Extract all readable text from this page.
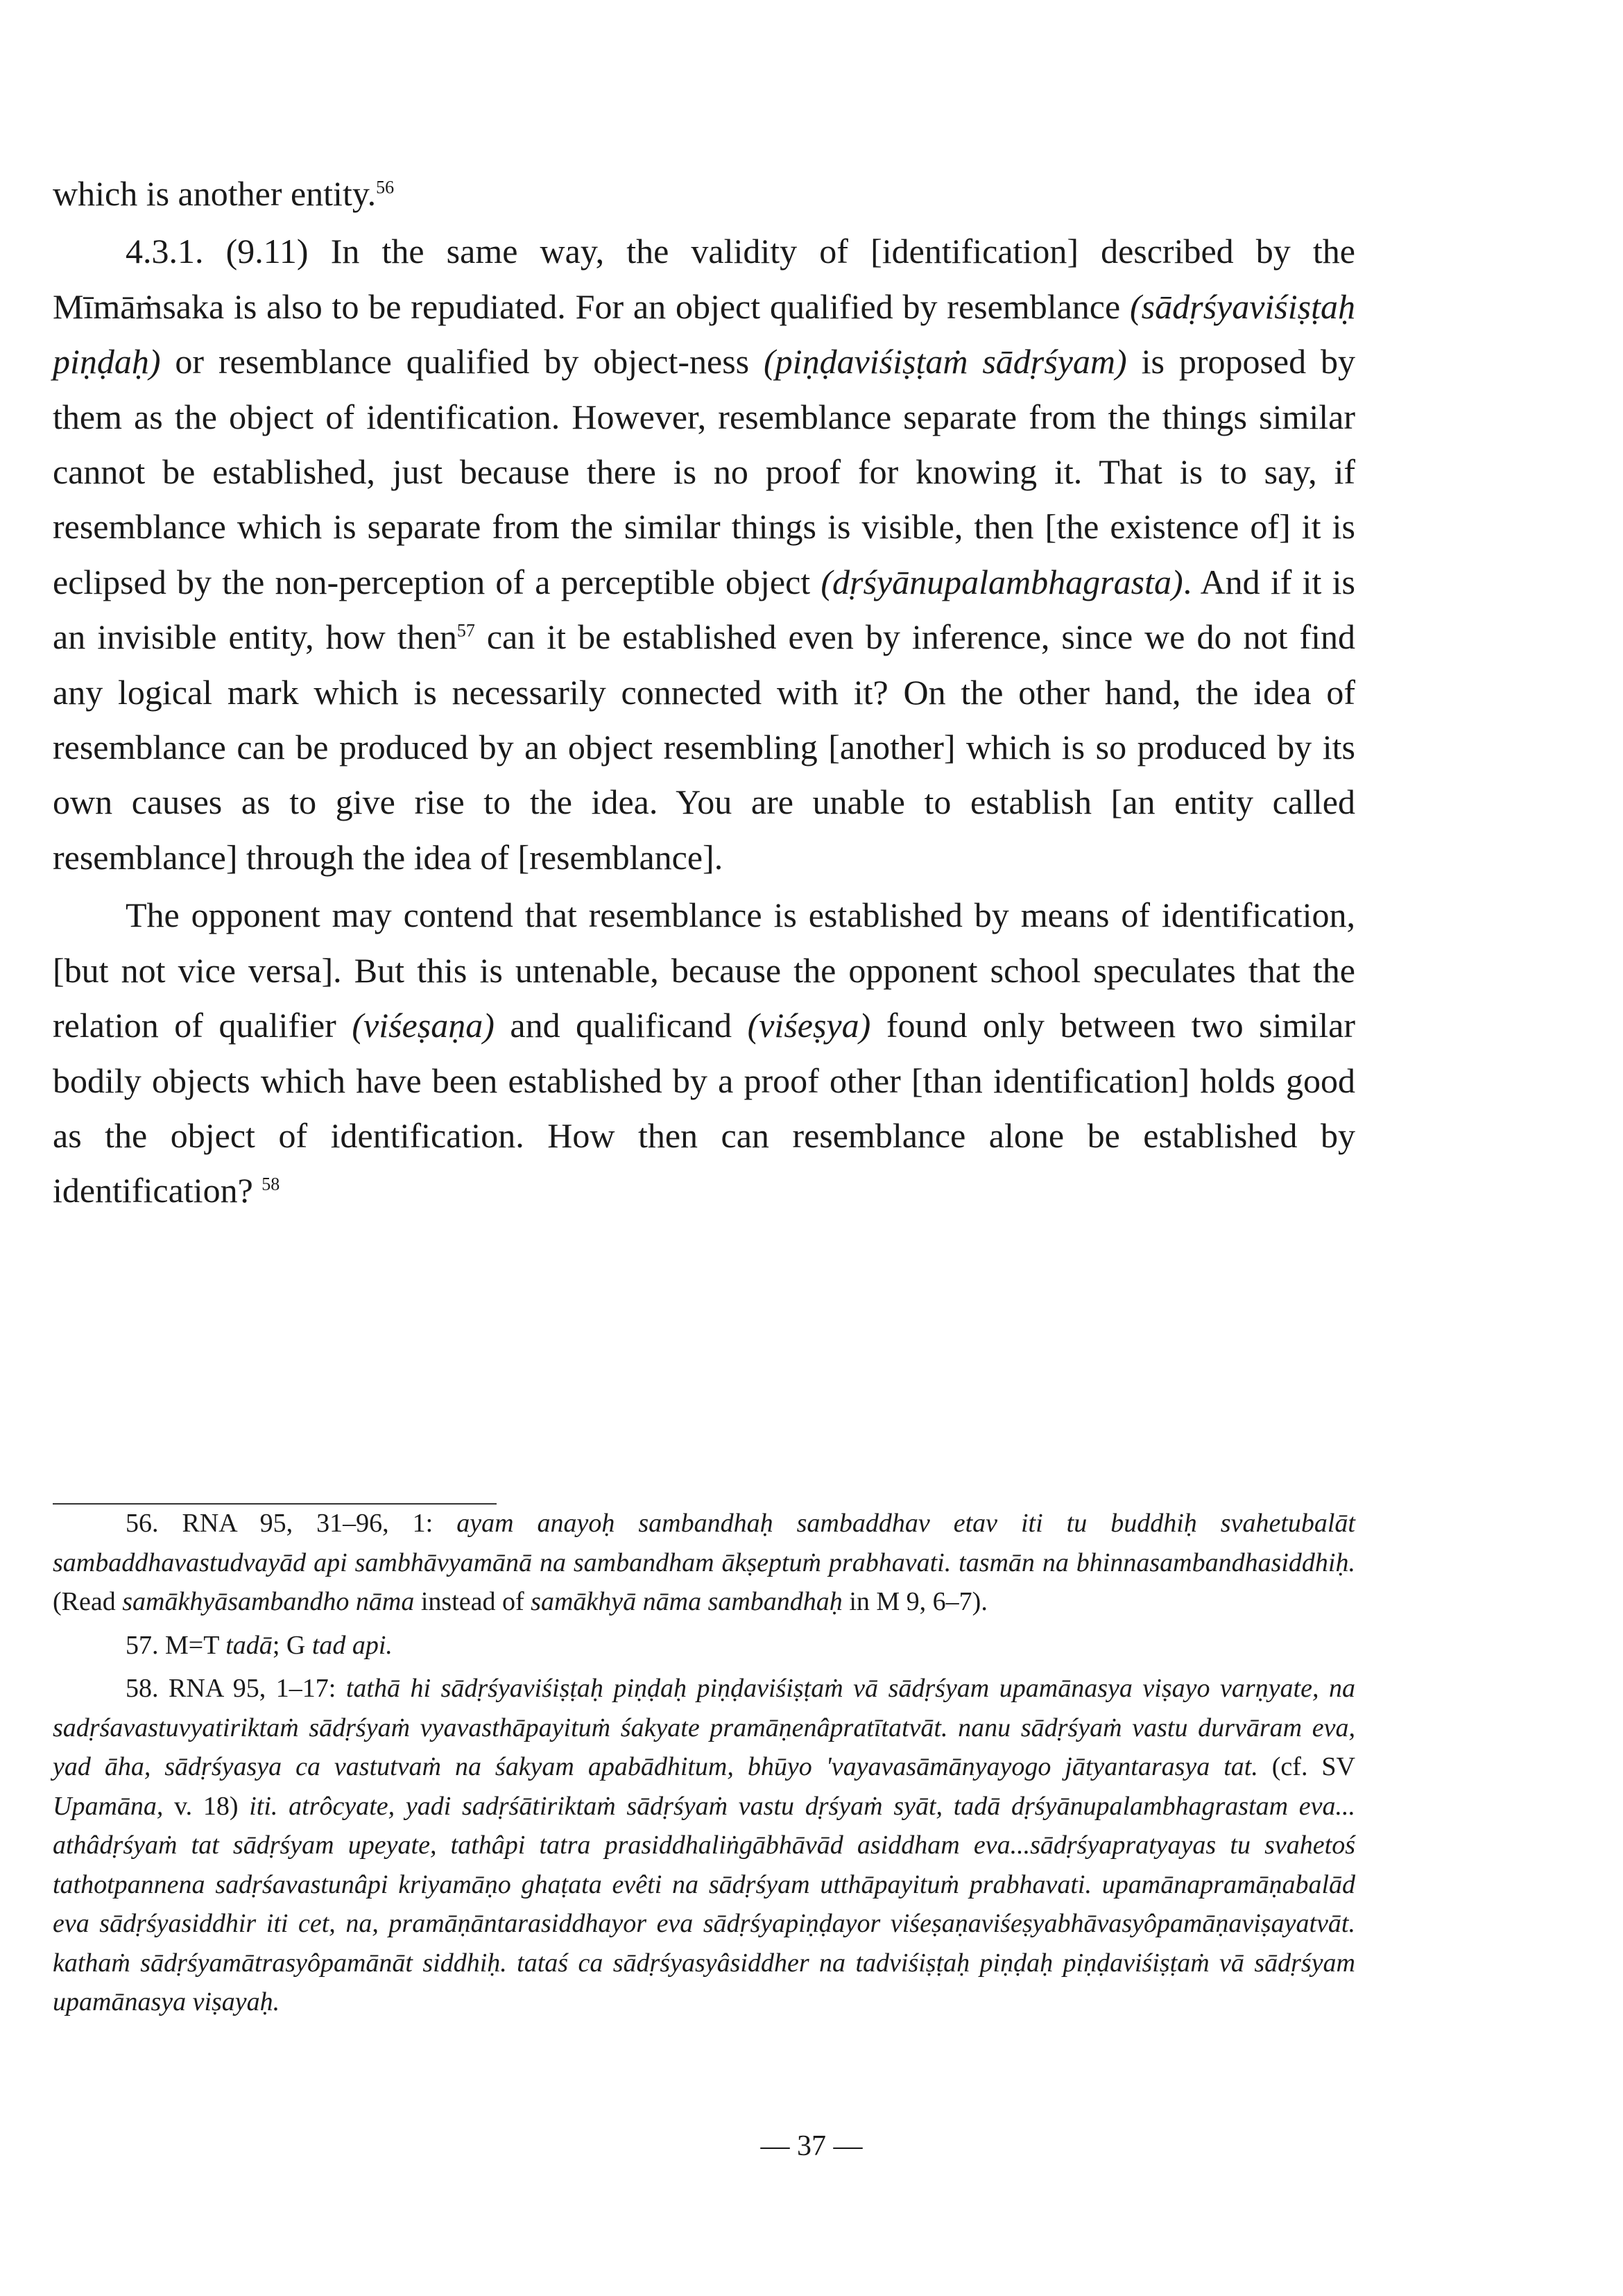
which is another entity.$^{56}$

4.3.1. (9.11) In the same way, the validity of [identification] described by the Mīmāṁsaka is also to be repudiated. For an object qualified by resemblance (sādṛśyaviśiṣṭaḥ piṇḍaḥ) or resemblance qualified by object-ness (piṇḍaviśiṣṭaṁ sādṛśyam) is proposed by them as the object of identification. However, resemblance separate from the things similar cannot be established, just because there is no proof for knowing it. That is to say, if resemblance which is separate from the similar things is visible, then [the existence of] it is eclipsed by the non-perception of a perceptible object (dṛśyānupalambhagrasta). And if it is an invisible entity, how then$^{57}$ can it be established even by inference, since we do not find any logical mark which is necessarily connected with it? On the other hand, the idea of resemblance can be produced by an object resembling [another] which is so produced by its own causes as to give rise to the idea. You are unable to establish [an entity called resemblance] through the idea of [resemblance].

The opponent may contend that resemblance is established by means of identification, [but not vice versa]. But this is untenable, because the opponent school speculates that the relation of qualifier (viśeṣaṇa) and qualificand (viśeṣya) found only between two similar bodily objects which have been established by a proof other [than identification] holds good as the object of identification. How then can resemblance alone be established by identification? $^{58}$

56. RNA 95, 31–96, 1: ayam anayoḥ sambandhaḥ sambaddhav etav iti tu buddhiḥ svahetubalāt sambaddhavastudvayād api sambhāvyamānā na sambandham ākṣeptuṁ prabhavati. tasmān na bhinnasambandhasiddhiḥ. (Read samākhyāsambandho nāma instead of samākhyā nāma sambandhaḥ in M 9, 6–7).

57. M=T tadā; G tad api.

58. RNA 95, 1–17: tathā hi sādṛśyaviśiṣṭaḥ piṇḍaḥ piṇḍaviśiṣṭaṁ vā sādṛśyam upamānasya viṣayo varṇyate, na sadṛśavastuvyatiriktaṁ sādṛśyaṁ vyavasthāpayituṁ śakyate pramāṇenâpratītatvāt. nanu sādṛśyaṁ vastu durvāram eva, yad āha, sādṛśyasya ca vastutvaṁ na śakyam apabādhitum, bhūyo 'vayavasāmānyayogo jātyantarasya tat. (cf. SV Upamāna, v. 18) iti. atrôcyate, yadi sadṛśātiriktaṁ sādṛśyaṁ vastu dṛśyaṁ syāt, tadā dṛśyānupalambhagrastam eva... athâdṛśyaṁ tat sādṛśyam upeyate, tathâpi tatra prasiddhaliṅgābhāvād asiddham eva...sādṛśyapratyayas tu svahetoś tathotpannena sadṛśavastunâpi kriyamāṇo ghaṭata evêti na sādṛśyam utthāpayituṁ prabhavati. upamānapramāṇabalād eva sādṛśyasiddhir iti cet, na, pramāṇāntarasiddhayor eva sādṛśyapiṇḍayor viśeṣaṇaviśeṣyabhāvasyôpamāṇaviṣayatvāt. kathaṁ sādṛśyamātrasyôpamānāt siddhiḥ. tataś ca sādṛśyasyâsiddher na tadviśiṣṭaḥ piṇḍaḥ piṇḍaviśiṣṭaṁ vā sādṛśyam upamānasya viṣayaḥ.

— 37 —
